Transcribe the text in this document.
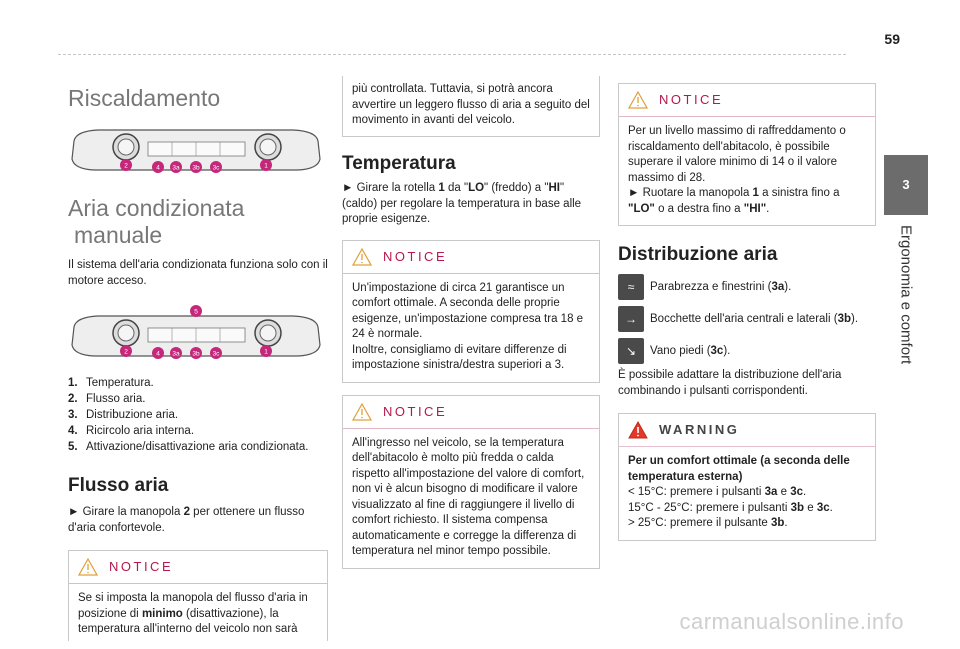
59
3
Ergonomia e comfort
Riscaldamento
2	4 3a 3b 3c	1
Aria condizionata
manuale

Il sistema dell'aria condizionata funziona solo con il motore acceso.

5
2	4 3a 3b 3c	1
1. Temperatura.
2. Flusso aria.
3. Distribuzione aria.
4. Ricircolo aria interna.
5. Attivazione/disattivazione aria condizionata.
Flusso aria

► Girare la manopola 2 per ottenere un flusso d'aria confortevole.

NOTICE
Se si imposta la manopola del flusso d'aria in posizione di minimo (disattivazione), la temperatura all'interno del veicolo non sarà
più controllata. Tuttavia, si potrà ancora avvertire un leggero flusso di aria a seguito del movimento in avanti del veicolo.
Temperatura

► Girare la rotella 1 da "LO" (freddo) a "HI" (caldo) per regolare la temperatura in base alle proprie esigenze.

NOTICE
Un'impostazione di circa 21 garantisce un comfort ottimale. A seconda delle proprie esigenze, un'impostazione compresa tra 18 e 24 è normale.
Inoltre, consigliamo di evitare differenze di impostazione sinistra/destra superiori a 3.
NOTICE
All'ingresso nel veicolo, se la temperatura dell'abitacolo è molto più fredda o calda rispetto all'impostazione del valore di comfort, non vi è alcun bisogno di modificare il valore visualizzato al fine di raggiungere il livello di comfort richiesto. Il sistema compensa automaticamente e corregge la differenza di temperatura nel minor tempo possibile.
NOTICE
Per un livello massimo di raffreddamento o riscaldamento dell'abitacolo, è possibile superare il valore minimo di 14 o il valore massimo di 28.
► Ruotare la manopola 1 a sinistra fino a "LO" o a destra fino a "HI".
Distribuzione aria
≈	Parabrezza e finestrini (3a).
→	Bocchette dell'aria centrali e laterali (3b).
↘	Vano piedi (3c).

È possibile adattare la distribuzione dell'aria combinando i pulsanti corrispondenti.

WARNING
Per un comfort ottimale (a seconda delle temperatura esterna)
< 15°C: premere i pulsanti 3a e 3c.
15°C - 25°C: premere i pulsanti 3b e 3c.
> 25°C: premere il pulsante 3b.
carmanualsonline.info
